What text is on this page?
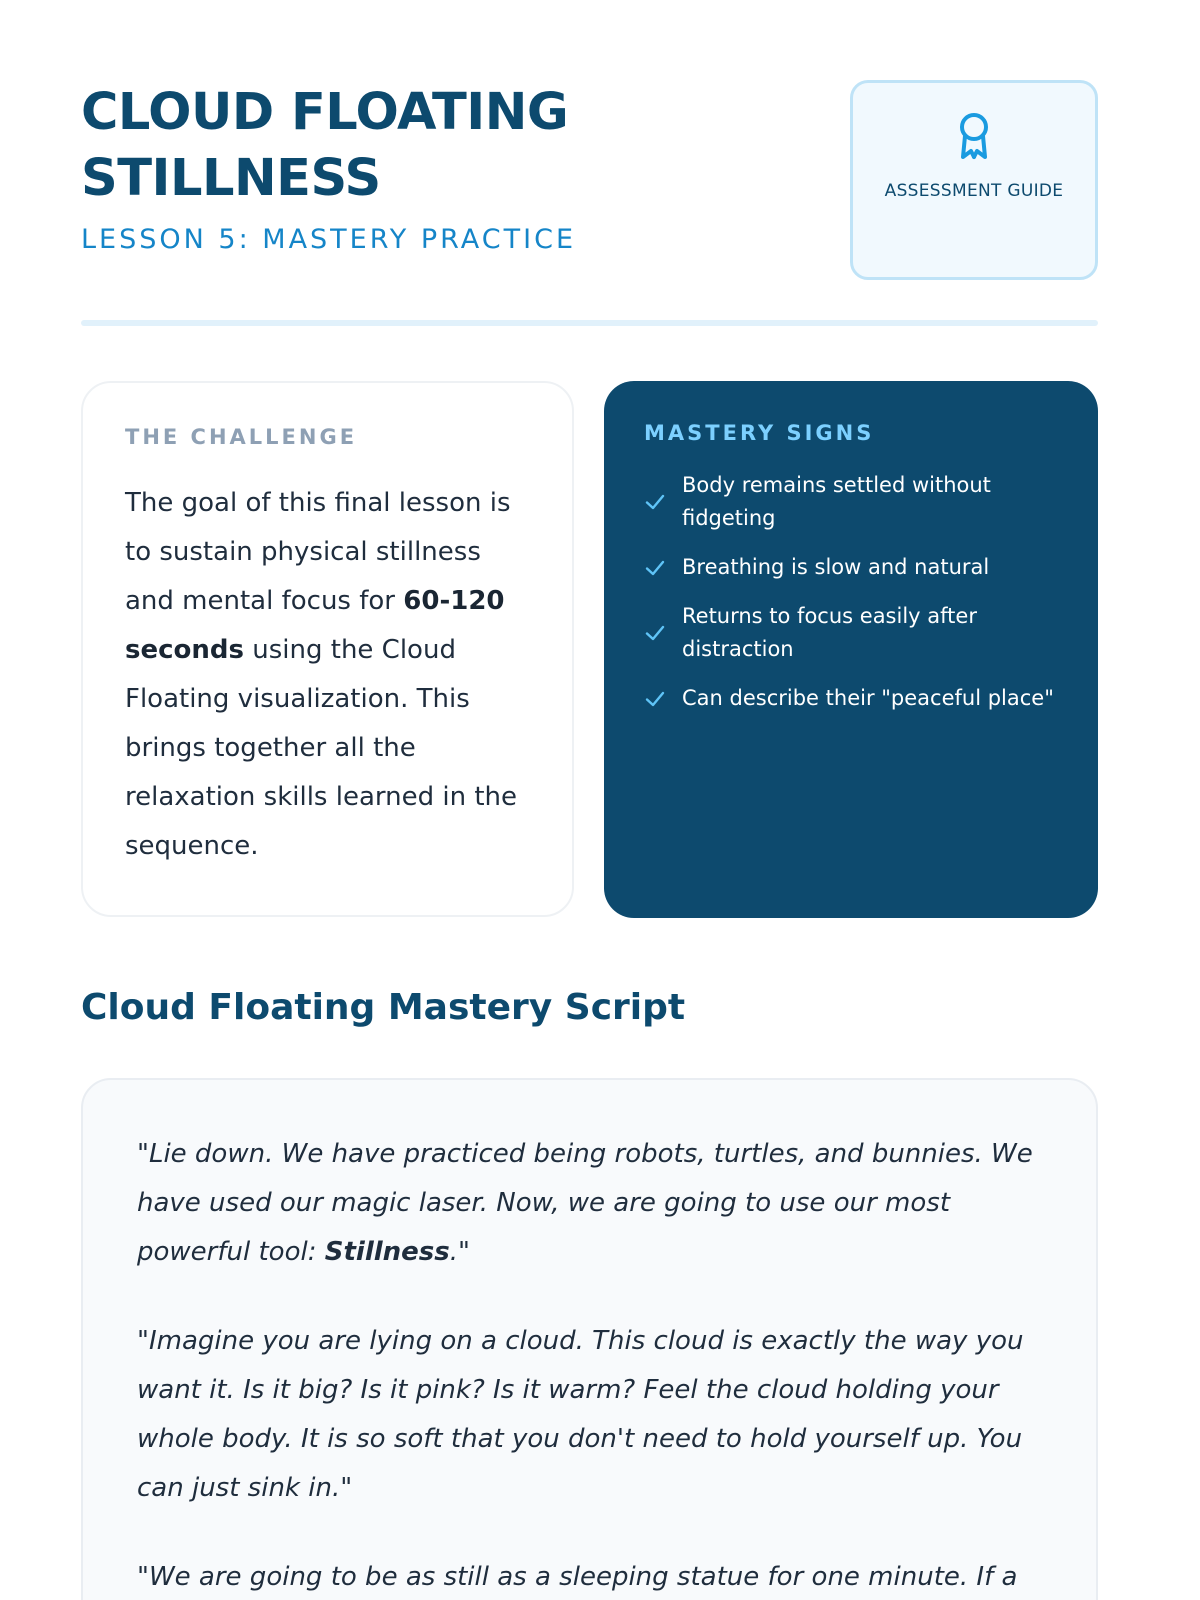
CLOUD FLOATING STILLNESS
LESSON 5: MASTERY PRACTICE
ASSESSMENT GUIDE
THE CHALLENGE

The goal of this final lesson is to sustain physical stillness and mental focus for 60-120 seconds using the Cloud Floating visualization. This brings together all the relaxation skills learned in the sequence.

MASTERY SIGNS
Body remains settled without fidgeting
Breathing is slow and natural
Returns to focus easily after distraction
Can describe their "peaceful place"
Cloud Floating Mastery Script

"Lie down. We have practiced being robots, turtles, and bunnies. We have used our magic laser. Now, we are going to use our most powerful tool: Stillness."

"Imagine you are lying on a cloud. This cloud is exactly the way you want it. Is it big? Is it pink? Is it warm? Feel the cloud holding your whole body. It is so soft that you don't need to hold yourself up. You can just sink in."

"We are going to be as still as a sleeping statue for one minute. If a
